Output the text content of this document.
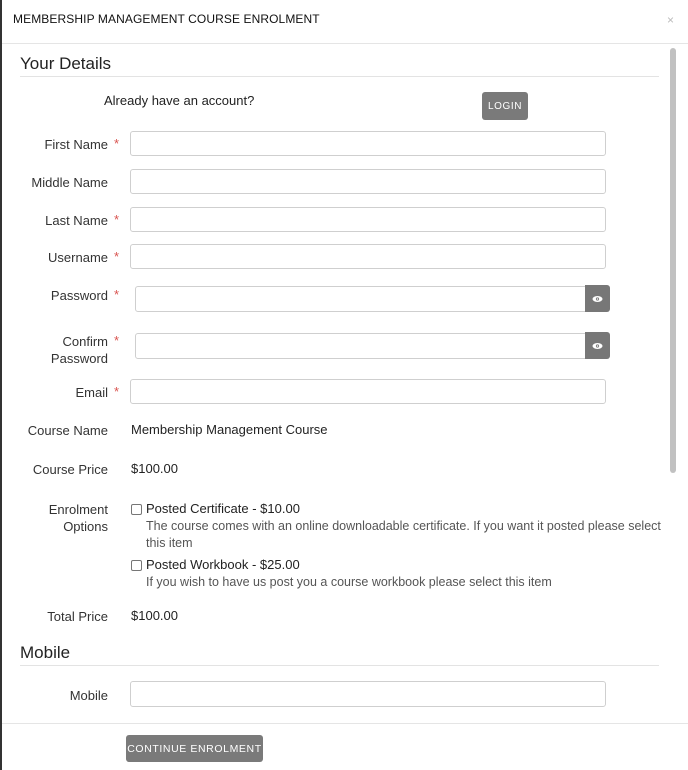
MEMBERSHIP MANAGEMENT COURSE ENROLMENT	×
Your Details
Already have an account?	LOGIN
First Name *
Middle Name
Last Name *
Username *
Password *
Confirm
Password
*
Email *
Course Name Membership Management Course
Course Price $100.00
Enrolment
Options
Posted Certificate - $10.00
The course comes with an online downloadable certificate. If you want it posted please select
this item
Posted Workbook - $25.00
If you wish to have us post you a course workbook please select this item
Total Price $100.00
Mobile
Mobile
CONTINUE ENROLMENT
